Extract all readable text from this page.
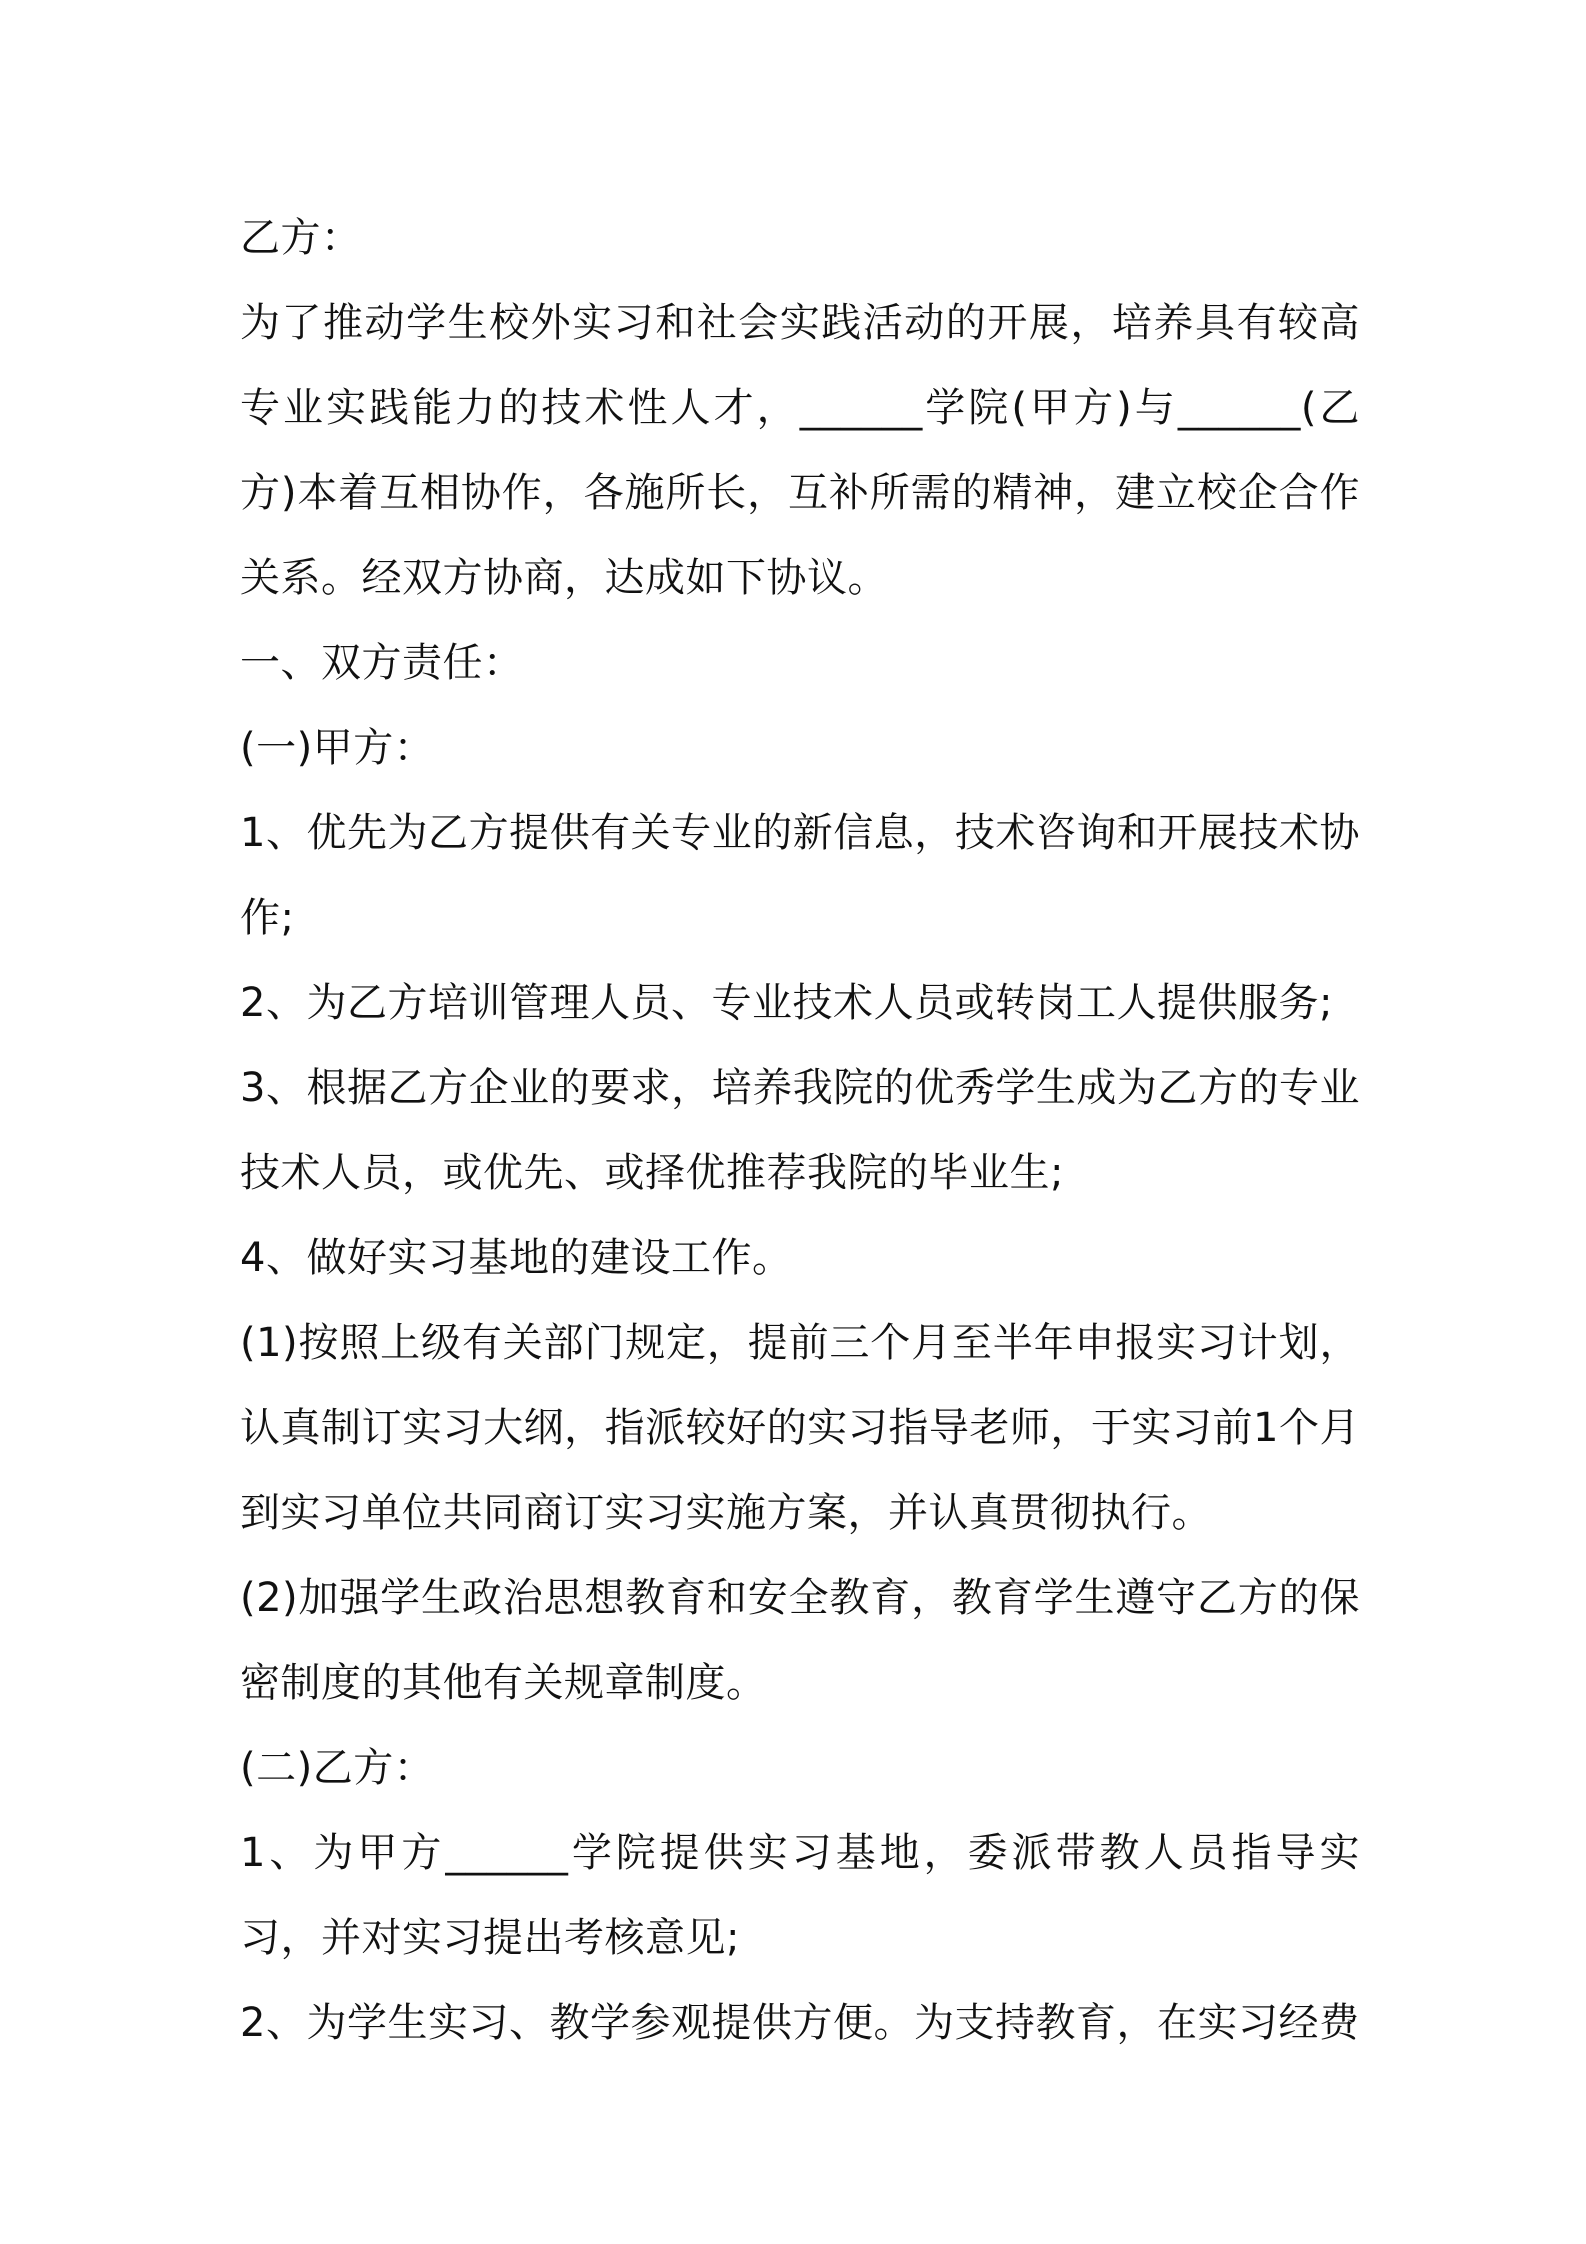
乙方：

为了推动学生校外实习和社会实践活动的开展，培养具有较高专业实践能力的技术性人才，______学院(甲方)与______(乙方)本着互相协作，各施所长，互补所需的精神，建立校企合作关系。经双方协商，达成如下协议。

一、双方责任：

(一)甲方：

1、优先为乙方提供有关专业的新信息，技术咨询和开展技术协作;

2、为乙方培训管理人员、专业技术人员或转岗工人提供服务;

3、根据乙方企业的要求，培养我院的优秀学生成为乙方的专业技术人员，或优先、或择优推荐我院的毕业生;

4、做好实习基地的建设工作。

(1)按照上级有关部门规定，提前三个月至半年申报实习计划，认真制订实习大纲，指派较好的实习指导老师，于实习前1个月到实习单位共同商订实习实施方案，并认真贯彻执行。

(2)加强学生政治思想教育和安全教育，教育学生遵守乙方的保密制度的其他有关规章制度。

(二)乙方：

1、为甲方______学院提供实习基地，委派带教人员指导实习，并对实习提出考核意见;

2、为学生实习、教学参观提供方便。为支持教育，在实习经费
